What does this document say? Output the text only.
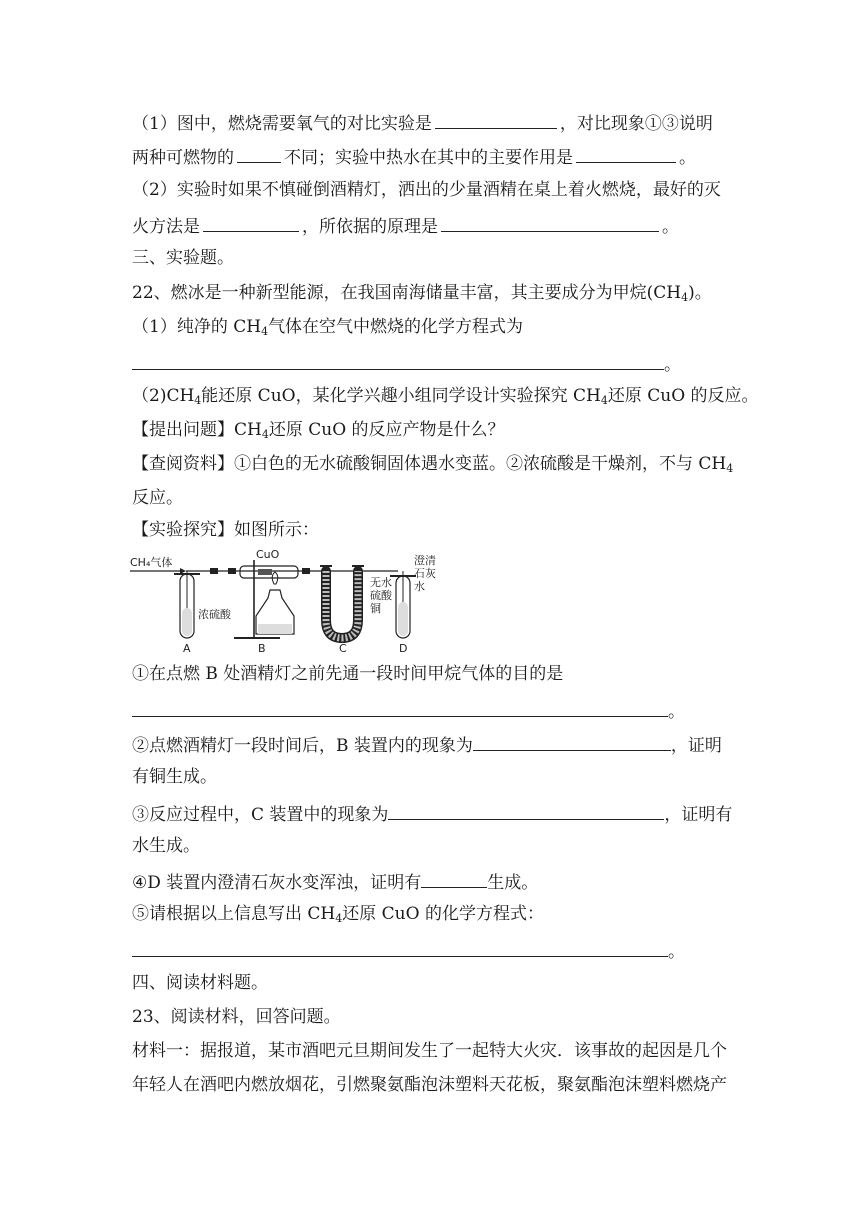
（1）图中，燃烧需要氧气的对比实验是	，对比现象①③说明
两种可燃物的	不同；实验中热水在其中的主要作用是	。
（2）实验时如果不慎碰倒酒精灯，洒出的少量酒精在桌上着火燃烧，最好的灭
火方法是	，所依据的原理是	。
三、实验题。
22、燃冰是一种新型能源，在我国南海储量丰富，其主要成分为甲烷$(CH_4)$。
（1）纯净的 $CH_4$气体在空气中燃烧的化学方程式为
。
$(2)CH_4$能还原 CuO，某化学兴趣小组同学设计实验探究 $CH_4$还原 CuO 的反应。
【提出问题】$CH_4$还原 CuO 的反应产物是什么？
【查阅资料】①白色的无水硫酸铜固体遇水变蓝。②浓硫酸是干燥剂，不与 $CH_4$
反应。
【实验探究】如图所示：
CH₄气体
浓硫酸
CuO
无水
硫酸
铜
澄清
石灰
水
A	B	C	D
①在点燃 B 处酒精灯之前先通一段时间甲烷气体的目的是
。
②点燃酒精灯一段时间后，B 装置内的现象为	，证明
有铜生成。
③反应过程中，C 装置中的现象为	，证明有
水生成。
④D 装置内澄清石灰水变浑浊，证明有	生成。
⑤请根据以上信息写出 $CH_4$还原 CuO 的化学方程式：
。
四、阅读材料题。
23、阅读材料，回答问题。
材料一：据报道，某市酒吧元旦期间发生了一起特大火灾．该事故的起因是几个
年轻人在酒吧内燃放烟花，引燃聚氨酯泡沫塑料天花板，聚氨酯泡沫塑料燃烧产
